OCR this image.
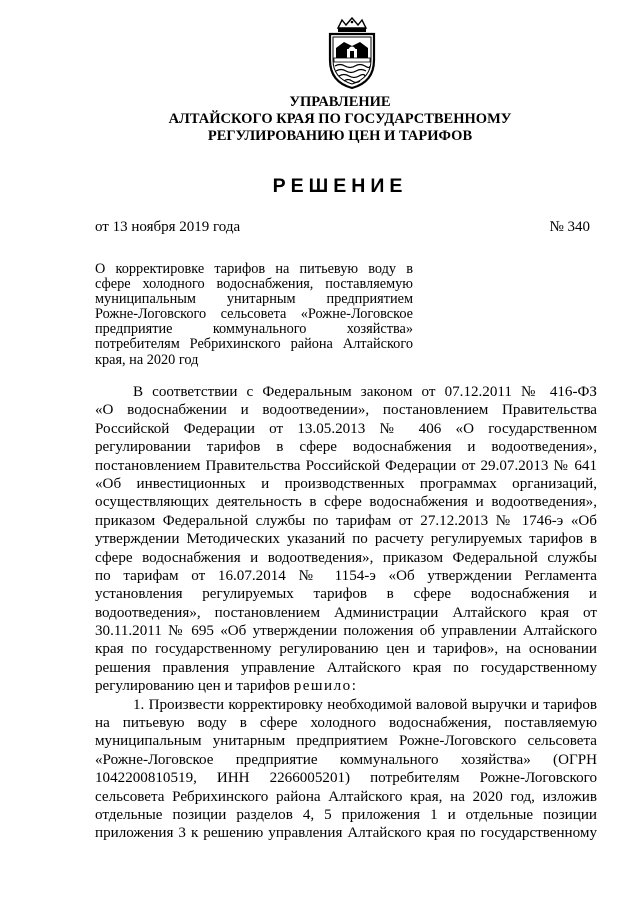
УПРАВЛЕНИЕ
АЛТАЙСКОГО КРАЯ ПО ГОСУДАРСТВЕННОМУ
РЕГУЛИРОВАНИЮ ЦЕН И ТАРИФОВ
РЕШЕНИЕ
от 13 ноября 2019 года	№ 340
О корректировке тарифов на питьевую воду в
сфере холодного водоснабжения, поставляемую
муниципальным унитарным предприятием
Рожне-Логовского сельсовета «Рожне-Логовское
предприятие коммунального хозяйства»
потребителям Ребрихинского района Алтайского
края, на 2020 год
В соответствии с Федеральным законом от 07.12.2011 № 416-ФЗ
«О водоснабжении и водоотведении», постановлением Правительства
Российской Федерации от 13.05.2013 № 406 «О государственном
регулировании тарифов в сфере водоснабжения и водоотведения»,
постановлением Правительства Российской Федерации от 29.07.2013 № 641
«Об инвестиционных и производственных программах организаций,
осуществляющих деятельность в сфере водоснабжения и водоотведения»,
приказом Федеральной службы по тарифам от 27.12.2013 № 1746-э «Об
утверждении Методических указаний по расчету регулируемых тарифов в
сфере водоснабжения и водоотведения», приказом Федеральной службы
по тарифам от 16.07.2014 № 1154-э «Об утверждении Регламента
установления регулируемых тарифов в сфере водоснабжения и
водоотведения», постановлением Администрации Алтайского края от
30.11.2011 № 695 «Об утверждении положения об управлении Алтайского
края по государственному регулированию цен и тарифов», на основании
решения правления управление Алтайского края по государственному
регулированию цен и тарифов решило:
1. Произвести корректировку необходимой валовой выручки и тарифов
на питьевую воду в сфере холодного водоснабжения, поставляемую
муниципальным унитарным предприятием Рожне-Логовского сельсовета
«Рожне-Логовское предприятие коммунального хозяйства» (ОГРН
1042200810519, ИНН 2266005201) потребителям Рожне-Логовского
сельсовета Ребрихинского района Алтайского края, на 2020 год, изложив
отдельные позиции разделов 4, 5 приложения 1 и отдельные позиции
приложения 3 к решению управления Алтайского края по государственному
